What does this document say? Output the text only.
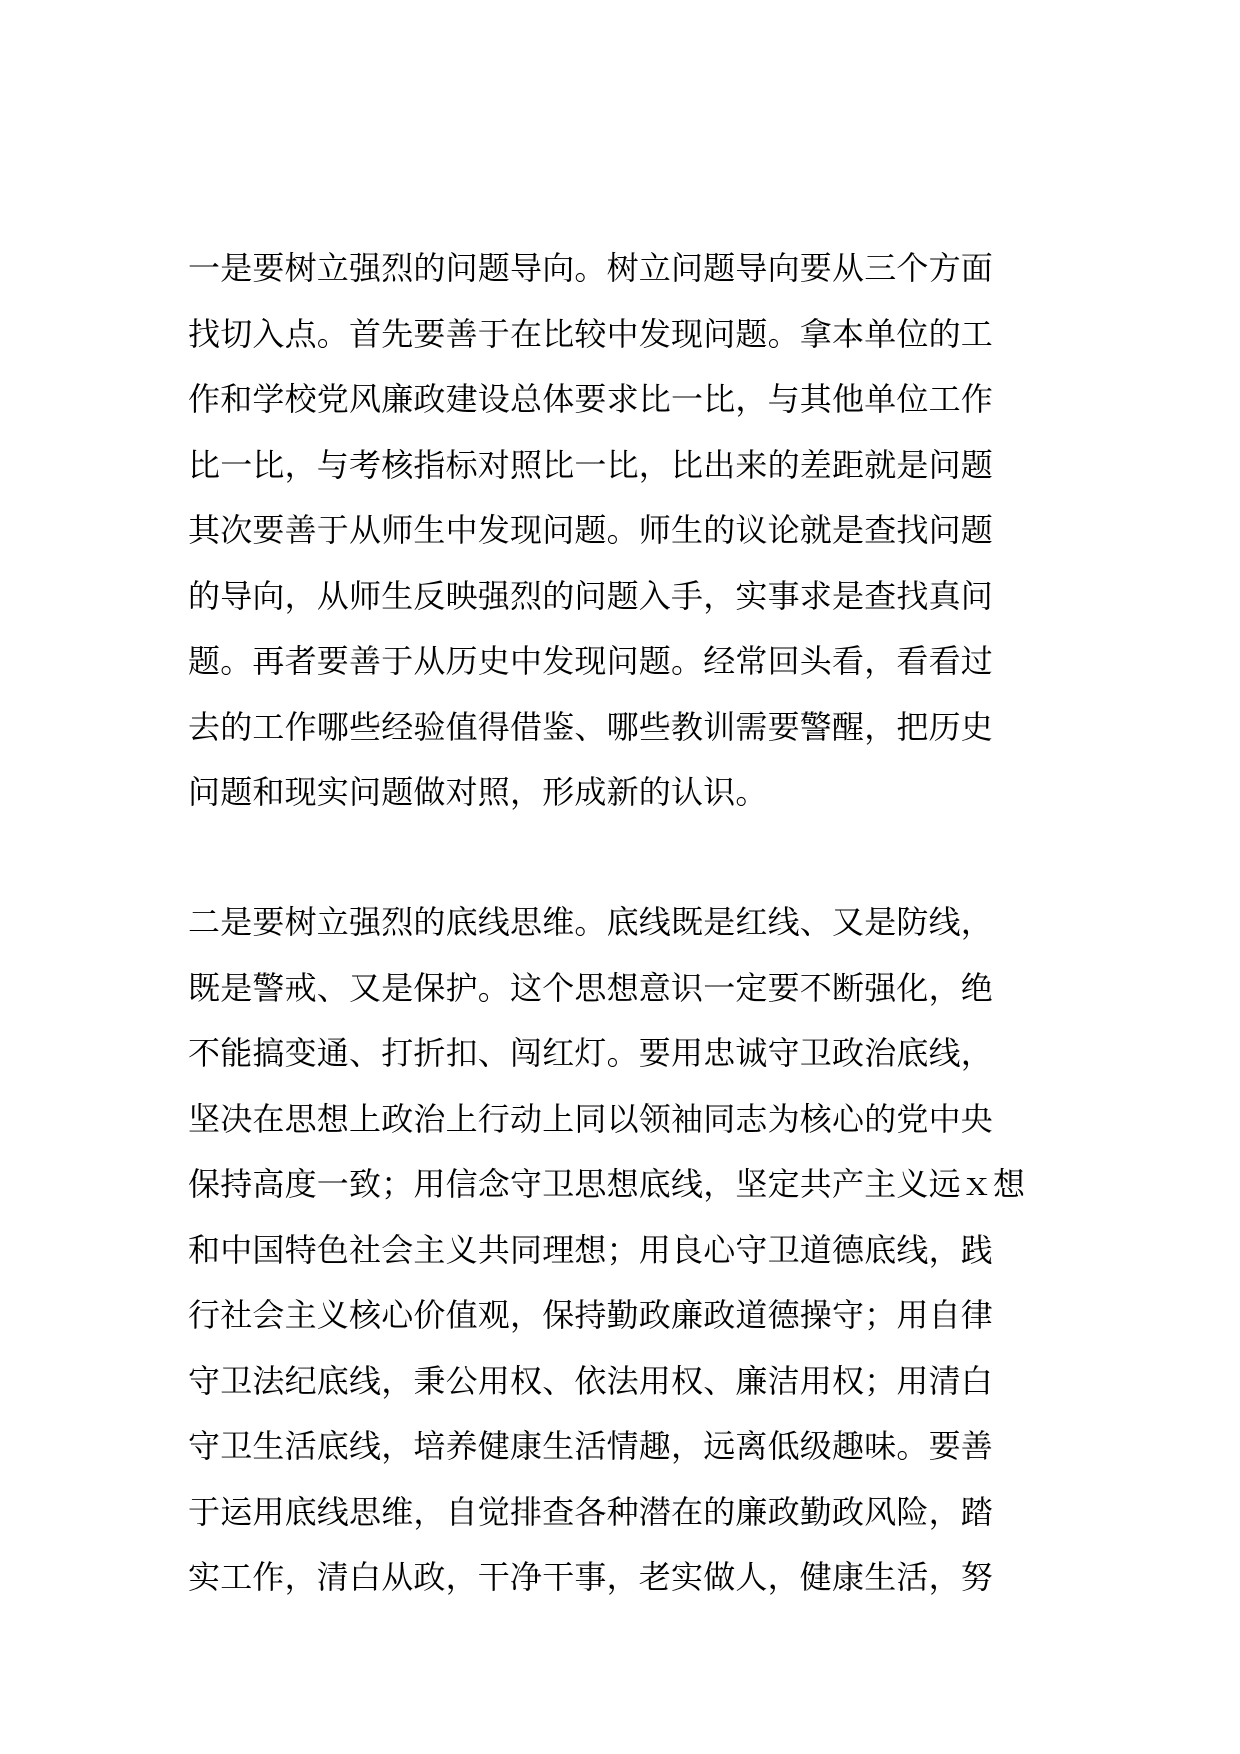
一是要树立强烈的问题导向。树立问题导向要从三个方面
找切入点。首先要善于在比较中发现问题。拿本单位的工
作和学校党风廉政建设总体要求比一比，与其他单位工作
比一比，与考核指标对照比一比，比出来的差距就是问题
其次要善于从师生中发现问题。师生的议论就是查找问题
的导向，从师生反映强烈的问题入手，实事求是查找真问
题。再者要善于从历史中发现问题。经常回头看，看看过
去的工作哪些经验值得借鉴、哪些教训需要警醒，把历史
问题和现实问题做对照，形成新的认识。
二是要树立强烈的底线思维。底线既是红线、又是防线，
既是警戒、又是保护。这个思想意识一定要不断强化，绝
不能搞变通、打折扣、闯红灯。要用忠诚守卫政治底线，
坚决在思想上政治上行动上同以领袖同志为核心的党中央
保持高度一致；用信念守卫思想底线，坚定共产主义远ｘ想
和中国特色社会主义共同理想；用良心守卫道德底线，践
行社会主义核心价值观，保持勤政廉政道德操守；用自律
守卫法纪底线，秉公用权、依法用权、廉洁用权；用清白
守卫生活底线，培养健康生活情趣，远离低级趣味。要善
于运用底线思维，自觉排查各种潜在的廉政勤政风险，踏
实工作，清白从政，干净干事，老实做人，健康生活，努
